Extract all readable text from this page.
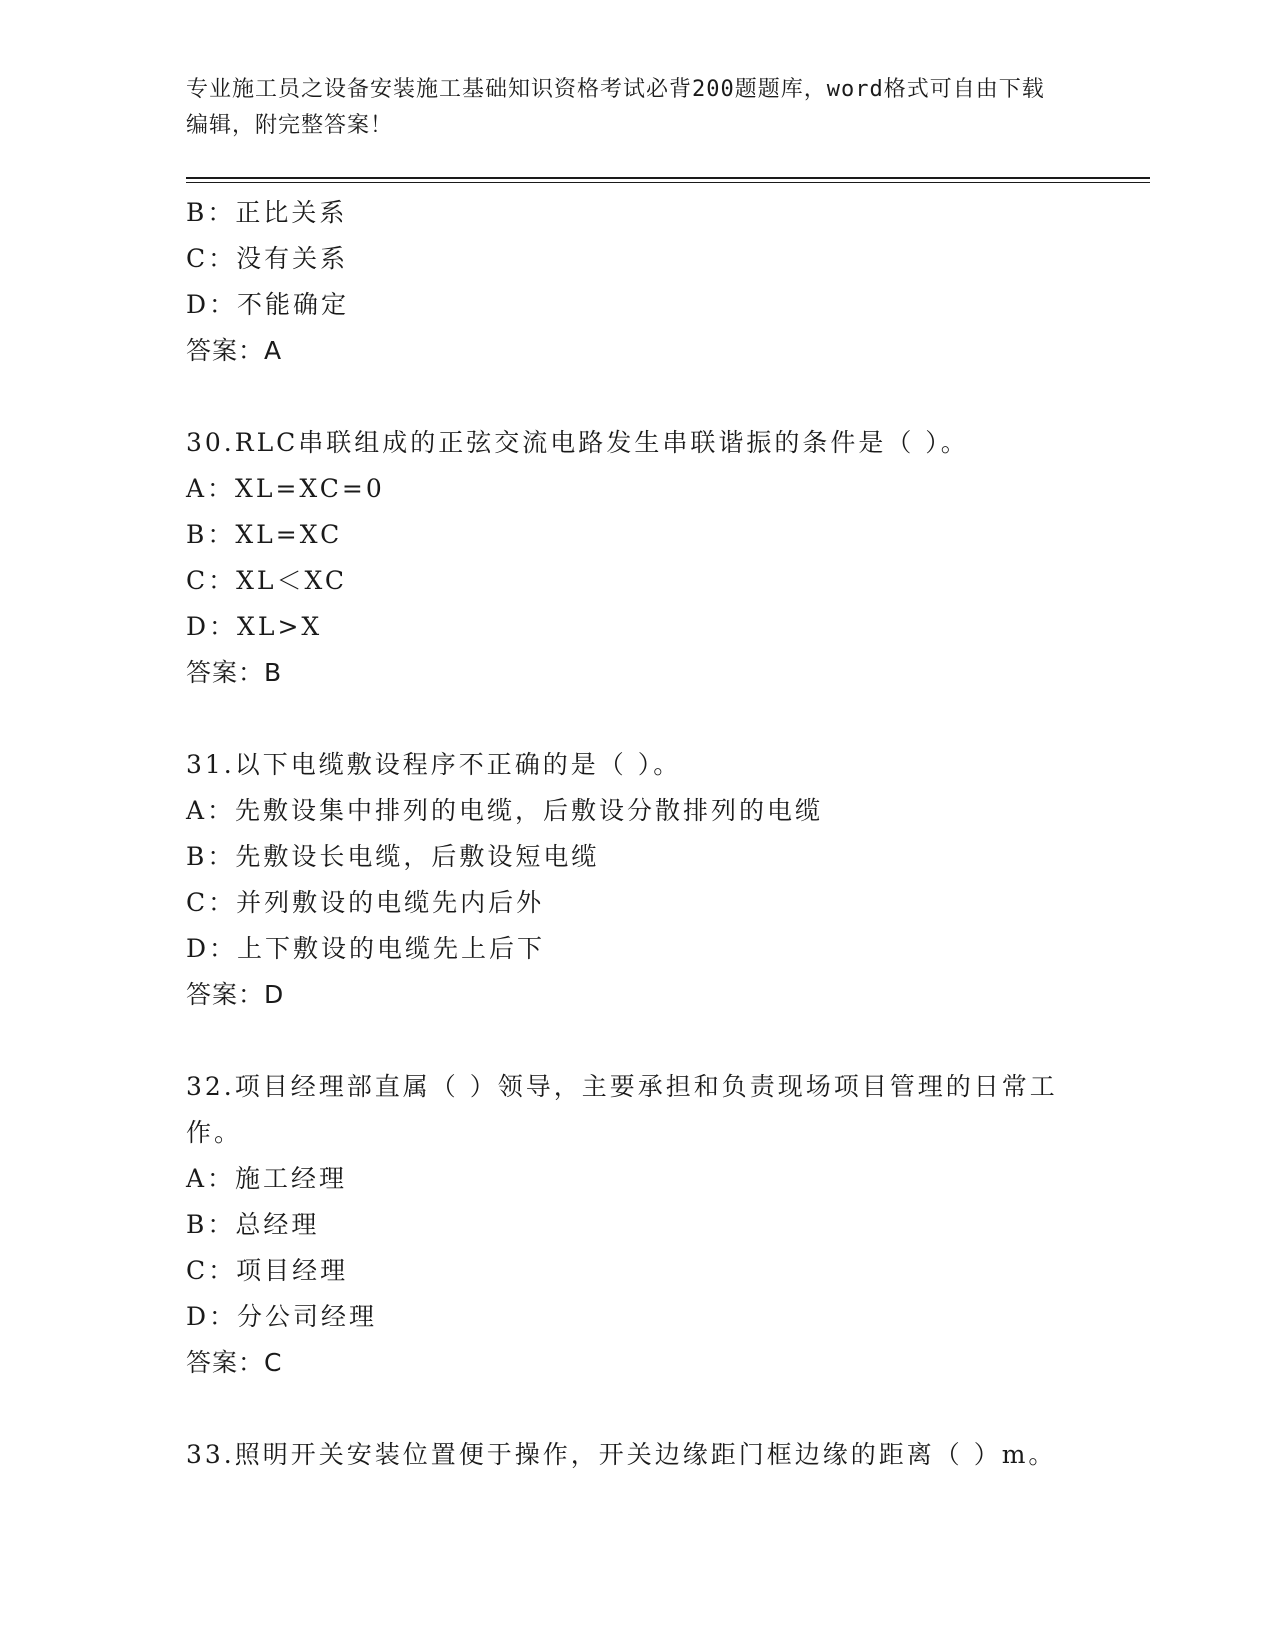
专业施工员之设备安装施工基础知识资格考试必背200题题库，word格式可自由下载编辑，附完整答案！
B：正比关系
C：没有关系
D：不能确定
答案：A
30.RLC串联组成的正弦交流电路发生串联谐振的条件是（ ）。
A：XL=XC=0
B：XL=XC
C：XL＜XC
D：XL>X
答案：B
31.以下电缆敷设程序不正确的是（ ）。
A：先敷设集中排列的电缆，后敷设分散排列的电缆
B：先敷设长电缆，后敷设短电缆
C：并列敷设的电缆先内后外
D：上下敷设的电缆先上后下
答案：D
32.项目经理部直属（ ）领导，主要承担和负责现场项目管理的日常工作。
A：施工经理
B：总经理
C：项目经理
D：分公司经理
答案：C
33.照明开关安装位置便于操作，开关边缘距门框边缘的距离（ ）m。
